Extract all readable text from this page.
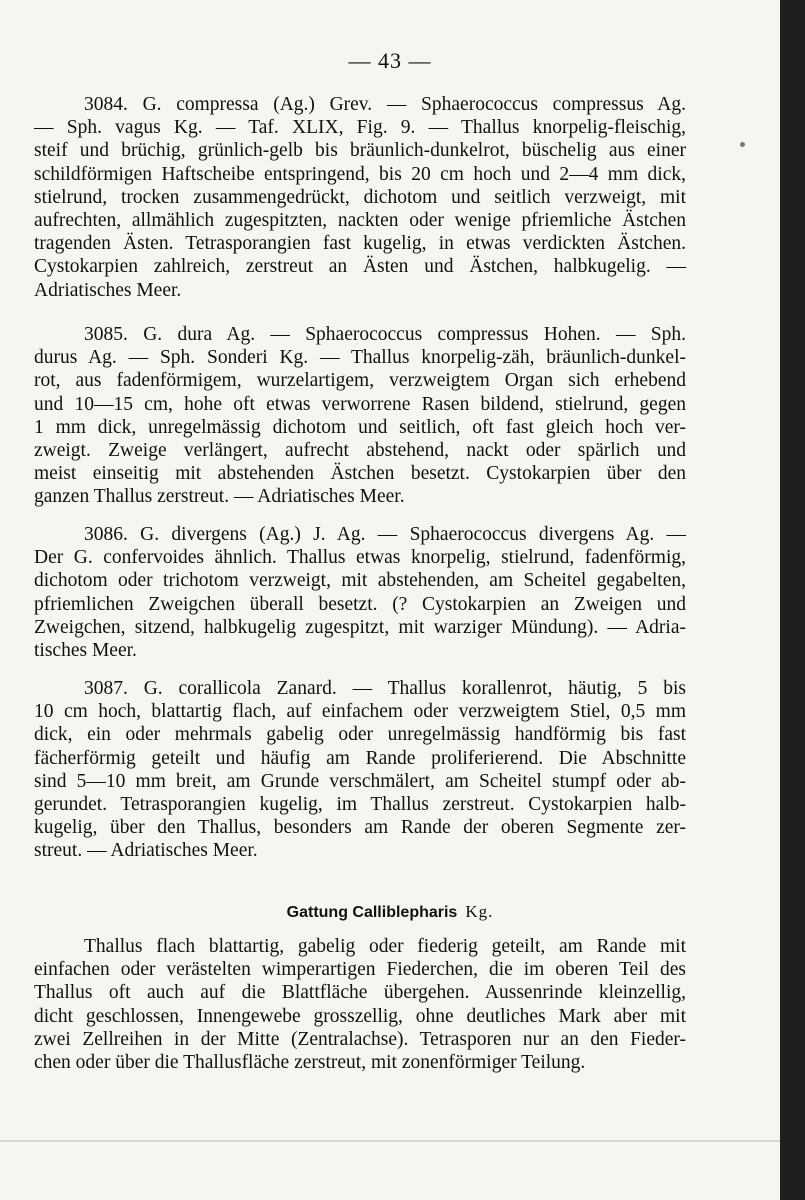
— 43 —
3084. G. compressa (Ag.) Grev. — Sphaerococcus compressus Ag.
— Sph. vagus Kg. — Taf. XLIX, Fig. 9. — Thallus knorpelig-fleischig,
steif und brüchig, grünlich-gelb bis bräunlich-dunkelrot, büschelig aus einer
schildförmigen Haftscheibe entspringend, bis 20 cm hoch und 2—4 mm dick,
stielrund, trocken zusammengedrückt, dichotom und seitlich verzweigt, mit
aufrechten, allmählich zugespitzten, nackten oder wenige pfriemliche Ästchen
tragenden Ästen. Tetrasporangien fast kugelig, in etwas verdickten Ästchen.
Cystokarpien zahlreich, zerstreut an Ästen und Ästchen, halbkugelig. —
Adriatisches Meer.
3085. G. dura Ag. — Sphaerococcus compressus Hohen. — Sph.
durus Ag. — Sph. Sonderi Kg. — Thallus knorpelig-zäh, bräunlich-dunkel-
rot, aus fadenförmigem, wurzelartigem, verzweigtem Organ sich erhebend
und 10—15 cm, hohe oft etwas verworrene Rasen bildend, stielrund, gegen
1 mm dick, unregelmässig dichotom und seitlich, oft fast gleich hoch ver-
zweigt. Zweige verlängert, aufrecht abstehend, nackt oder spärlich und
meist einseitig mit abstehenden Ästchen besetzt. Cystokarpien über den
ganzen Thallus zerstreut. — Adriatisches Meer.
3086. G. divergens (Ag.) J. Ag. — Sphaerococcus divergens Ag. —
Der G. confervoides ähnlich. Thallus etwas knorpelig, stielrund, fadenförmig,
dichotom oder trichotom verzweigt, mit abstehenden, am Scheitel gegabelten,
pfriemlichen Zweigchen überall besetzt. (? Cystokarpien an Zweigen und
Zweigchen, sitzend, halbkugelig zugespitzt, mit warziger Mündung). — Adria-
tisches Meer.
3087. G. corallicola Zanard. — Thallus korallenrot, häutig, 5 bis
10 cm hoch, blattartig flach, auf einfachem oder verzweigtem Stiel, 0,5 mm
dick, ein oder mehrmals gabelig oder unregelmässig handförmig bis fast
fächerförmig geteilt und häufig am Rande proliferierend. Die Abschnitte
sind 5—10 mm breit, am Grunde verschmälert, am Scheitel stumpf oder ab-
gerundet. Tetrasporangien kugelig, im Thallus zerstreut. Cystokarpien halb-
kugelig, über den Thallus, besonders am Rande der oberen Segmente zer-
streut. — Adriatisches Meer.
Gattung Calliblepharis Kg.
Thallus flach blattartig, gabelig oder fiederig geteilt, am Rande mit
einfachen oder verästelten wimperartigen Fiederchen, die im oberen Teil des
Thallus oft auch auf die Blattfläche übergehen. Aussenrinde kleinzellig,
dicht geschlossen, Innengewebe grosszellig, ohne deutliches Mark aber mit
zwei Zellreihen in der Mitte (Zentralachse). Tetrasporen nur an den Fieder-
chen oder über die Thallusfläche zerstreut, mit zonenförmiger Teilung.
